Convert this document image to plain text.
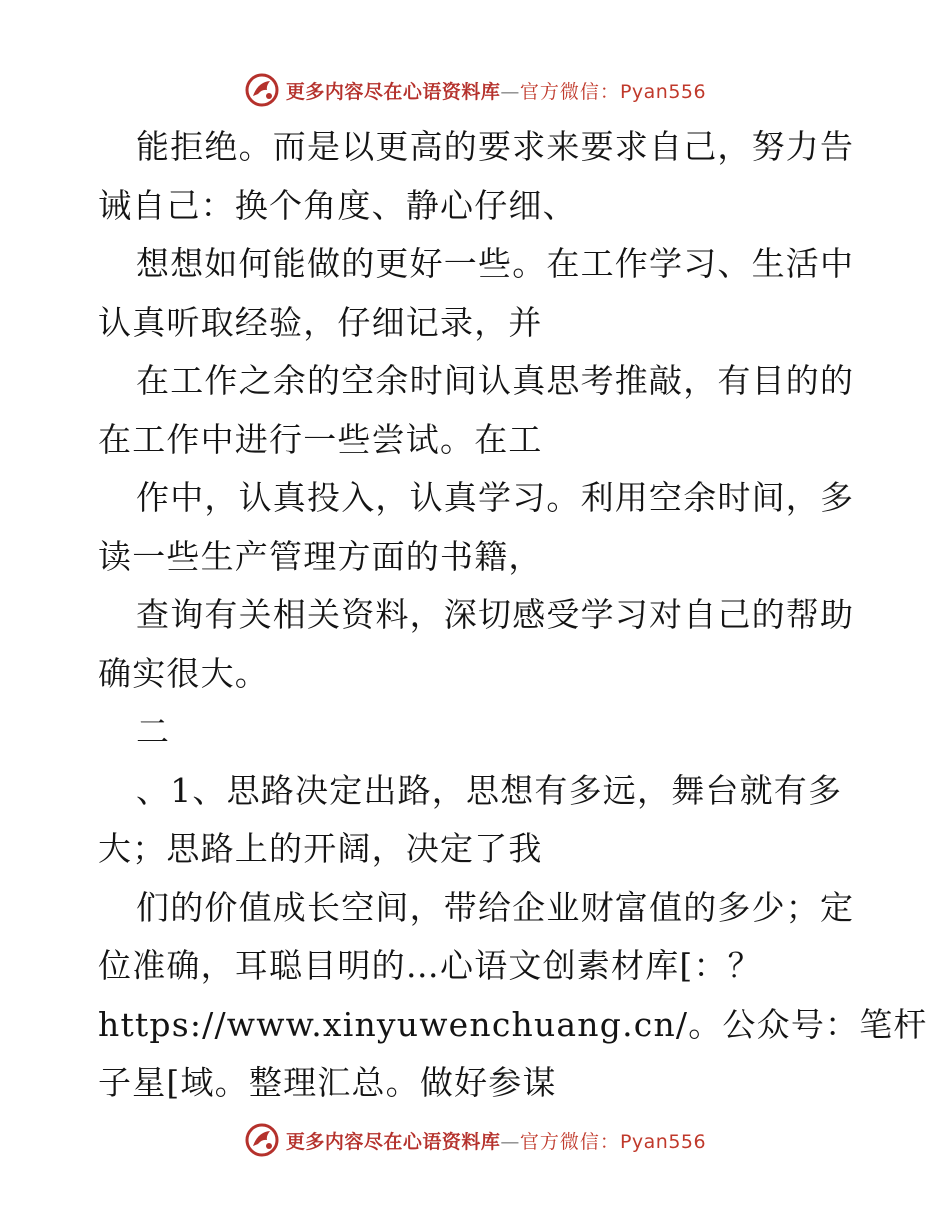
更多内容尽在心语资料库—官方微信：Pyan556
能拒绝。而是以更高的要求来要求自己，努力告
诫自己：换个角度、静心仔细、
想想如何能做的更好一些。在工作学习、生活中
认真听取经验，仔细记录，并
在工作之余的空余时间认真思考推敲，有目的的
在工作中进行一些尝试。在工
作中，认真投入，认真学习。利用空余时间，多
读一些生产管理方面的书籍，
查询有关相关资料，深切感受学习对自己的帮助
确实很大。
二
、1、思路决定出路，思想有多远，舞台就有多
大；思路上的开阔，决定了我
们的价值成长空间，带给企业财富值的多少；定
位准确，耳聪目明的…心语文创素材库[：？
https://www.xinyuwenchuang.cn/。公众号：笔杆
子星[域。整理汇总。做好参谋
更多内容尽在心语资料库—官方微信：Pyan556
